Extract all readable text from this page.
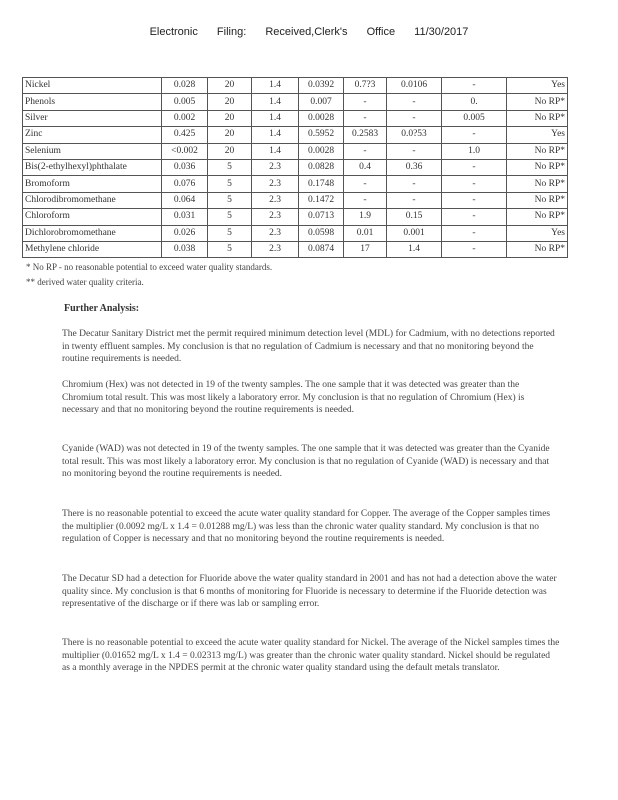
Electronic Filing: Received,Clerk's Office 11/30/2017
Nickel	0.028	20	1.4	0.0392	0.7?3	0.0106	-	Yes
Phenols	0.005	20	1.4	0.007	-	-	0.	No RP*
Silver	0.002	20	1.4	0.0028	-	-	0.005	No RP*
Zinc	0.425	20	1.4	0.5952	0.2583	0.0?53	-	Yes
Selenium	<0.002	20	1.4	0.0028	-	-	1.0	No RP*
Bis(2-ethylhexyl)phthalate	0.036	5	2.3	0.0828	0.4	0.36	-	No RP*
Bromoform	0.076	5	2.3	0.1748	-	-	-	No RP*
Chlorodibromomethane	0.064	5	2.3	0.1472	-	-	-	No RP*
Chloroform	0.031	5	2.3	0.0713	1.9	0.15	-	No RP*
Dichlorobromomethane	0.026	5	2.3	0.0598	0.01	0.001	-	Yes
Methylene chloride	0.038	5	2.3	0.0874	17	1.4	-	No RP*
* No RP - no reasonable potential to exceed water quality standards.
** derived water quality criteria.
Further Analysis:

The Decatur Sanitary District met the permit required minimum detection level (MDL) for Cadmium, with no detections reported in twenty effluent samples. My conclusion is that no regulation of Cadmium is necessary and that no monitoring beyond the routine requirements is needed.

Chromium (Hex) was not detected in 19 of the twenty samples. The one sample that it was detected was greater than the Chromium total result. This was most likely a laboratory error. My conclusion is that no regulation of Chromium (Hex) is necessary and that no monitoring beyond the routine requirements is needed.

Cyanide (WAD) was not detected in 19 of the twenty samples. The one sample that it was detected was greater than the Cyanide total result. This was most likely a laboratory error. My conclusion is that no regulation of Cyanide (WAD) is necessary and that no monitoring beyond the routine requirements is needed.

There is no reasonable potential to exceed the acute water quality standard for Copper. The average of the Copper samples times the multiplier (0.0092 mg/L x 1.4 = 0.01288 mg/L) was less than the chronic water quality standard. My conclusion is that no regulation of Copper is necessary and that no monitoring beyond the routine requirements is needed.

The Decatur SD had a detection for Fluoride above the water quality standard in 2001 and has not had a detection above the water quality since. My conclusion is that 6 months of monitoring for Fluoride is necessary to determine if the Fluoride detection was representative of the discharge or if there was lab or sampling error.

There is no reasonable potential to exceed the acute water quality standard for Nickel. The average of the Nickel samples times the multiplier (0.01652 mg/L x 1.4 = 0.02313 mg/L) was greater than the chronic water quality standard. Nickel should be regulated as a monthly average in the NPDES permit at the chronic water quality standard using the default metals translator.
